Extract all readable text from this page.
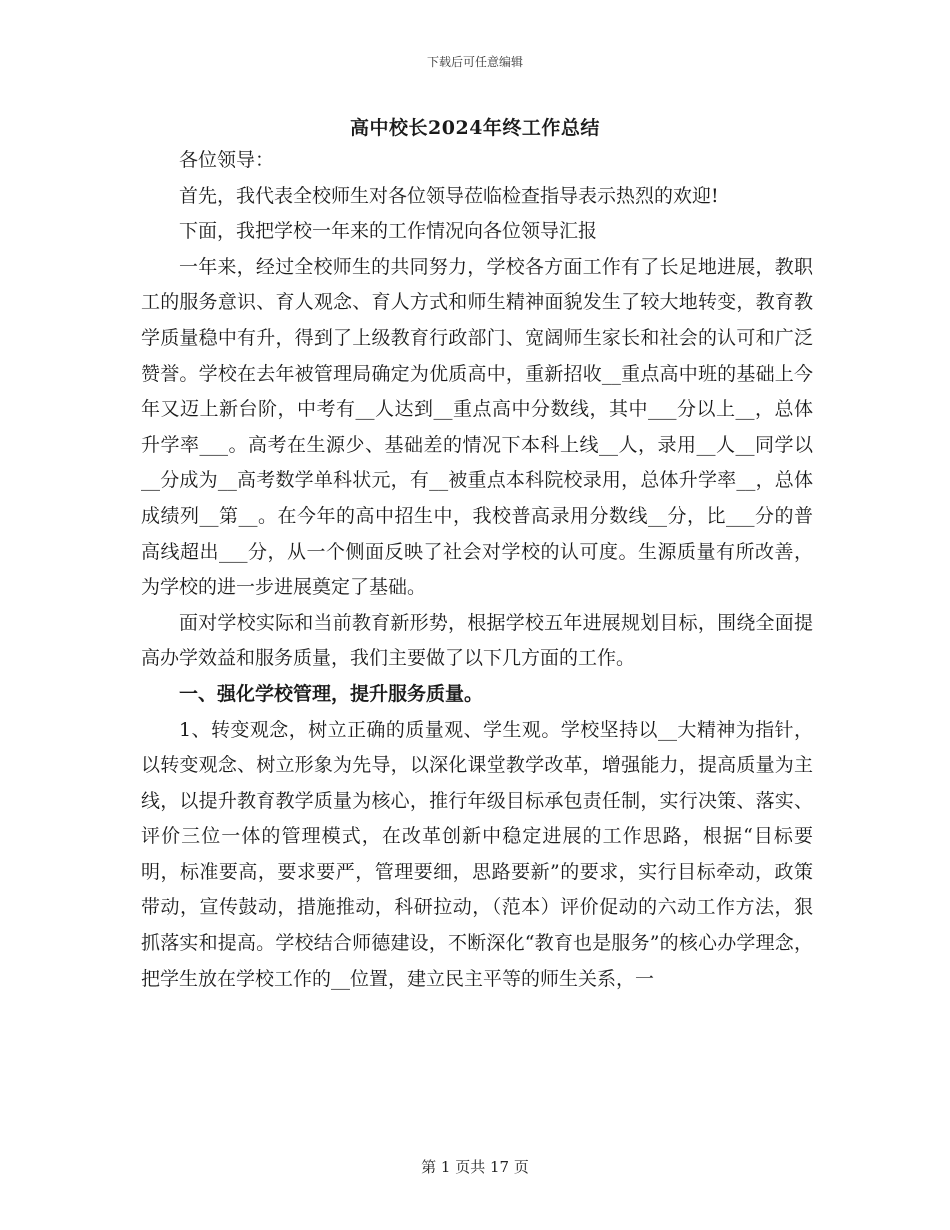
下载后可任意编辑
高中校长2024年终工作总结

各位领导：

首先，我代表全校师生对各位领导莅临检查指导表示热烈的欢迎!

下面，我把学校一年来的工作情况向各位领导汇报

一年来，经过全校师生的共同努力，学校各方面工作有了长足地进展，教职工的服务意识、育人观念、育人方式和师生精神面貌发生了较大地转变，教育教学质量稳中有升，得到了上级教育行政部门、宽阔师生家长和社会的认可和广泛赞誉。学校在去年被管理局确定为优质高中，重新招收__重点高中班的基础上今年又迈上新台阶，中考有__人达到__重点高中分数线，其中___分以上__，总体升学率___。高考在生源少、基础差的情况下本科上线__人，录用__人__同学以__分成为__高考数学单科状元，有__被重点本科院校录用，总体升学率__，总体成绩列__第__。在今年的高中招生中，我校普高录用分数线__分，比___分的普高线超出___分，从一个侧面反映了社会对学校的认可度。生源质量有所改善，为学校的进一步进展奠定了基础。

面对学校实际和当前教育新形势，根据学校五年进展规划目标，围绕全面提高办学效益和服务质量，我们主要做了以下几方面的工作。

一、强化学校管理，提升服务质量。

1、转变观念，树立正确的质量观、学生观。学校坚持以__大精神为指针，以转变观念、树立形象为先导，以深化课堂教学改革，增强能力，提高质量为主线，以提升教育教学质量为核心，推行年级目标承包责任制，实行决策、落实、评价三位一体的管理模式，在改革创新中稳定进展的工作思路，根据“目标要明，标准要高，要求要严，管理要细，思路要新”的要求，实行目标牵动，政策带动，宣传鼓动，措施推动，科研拉动，（范本）评价促动的六动工作方法，狠抓落实和提高。学校结合师德建设，不断深化“教育也是服务”的核心办学理念，把学生放在学校工作的__位置，建立民主平等的师生关系，一

第 1 页共 17 页
